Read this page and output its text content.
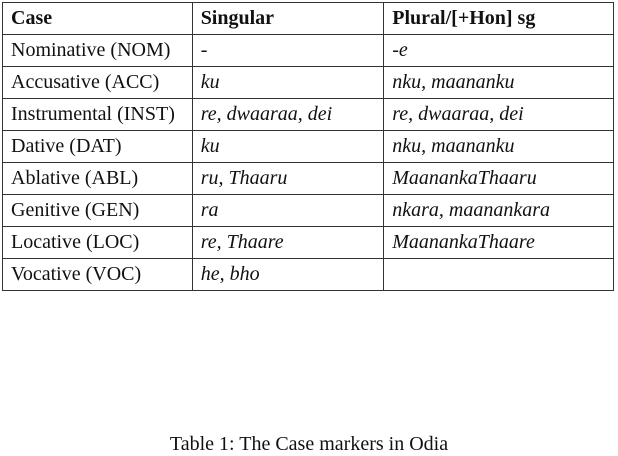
Case	Singular	Plural/[+Hon] sg
Nominative (NOM)	-	-e
Accusative (ACC)	ku	nku, maananku
Instrumental (INST)	re, dwaaraa, dei	re, dwaaraa, dei
Dative (DAT)	ku	nku, maananku
Ablative (ABL)	ru, Thaaru	MaanankaThaaru
Genitive (GEN)	ra	nkara, maanankara
Locative (LOC)	re, Thaare	MaanankaThaare
Vocative (VOC)	he, bho	
Table 1: The Case markers in Odia
